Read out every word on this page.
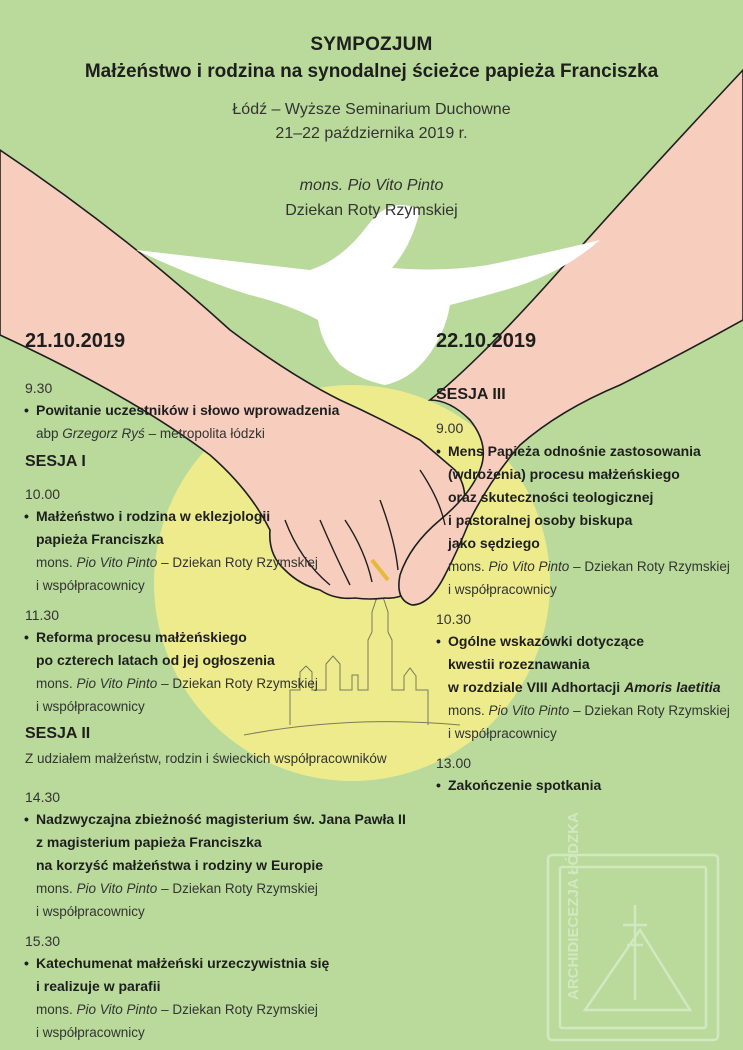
SYMPOZJUM
Małżeństwo i rodzina na synodalnej ścieżce papieża Franciszka
Łódź – Wyższe Seminarium Duchowne
21–22 października 2019 r.
mons. Pio Vito Pinto
Dziekan Roty Rzymskiej
21.10.2019
9.30
• Powitanie uczestników i słowo wprowadzenia
abp Grzegorz Ryś – metropolita łódzki
SESJA I
10.00
• Małżeństwo i rodzina w eklezjologii
papieża Franciszka
mons. Pio Vito Pinto – Dziekan Roty Rzymskiej
i współpracownicy
11.30
• Reforma procesu małżeńskiego
po czterech latach od jej ogłoszenia
mons. Pio Vito Pinto – Dziekan Roty Rzymskiej
i współpracownicy
SESJA II
Z udziałem małżeństw, rodzin i świeckich współpracowników
14.30
• Nadzwyczajna zbieżność magisterium św. Jana Pawła II
z magisterium papieża Franciszka
na korzyść małżeństwa i rodziny w Europie
mons. Pio Vito Pinto – Dziekan Roty Rzymskiej
i współpracownicy
15.30
• Katechumenat małżeński urzeczywistnia się
i realizuje w parafii
mons. Pio Vito Pinto – Dziekan Roty Rzymskiej
i współpracownicy
22.10.2019
SESJA III
9.00
• Mens Papieża odnośnie zastosowania
(wdrożenia) procesu małżeńskiego
oraz skuteczności teologicznej
i pastoralnej osoby biskupa
jako sędziego
mons. Pio Vito Pinto – Dziekan Roty Rzymskiej
i współpracownicy
10.30
• Ogólne wskazówki dotyczące
kwestii rozeznawania
w rozdziale VIII Adhortacji Amoris laetitia
mons. Pio Vito Pinto – Dziekan Roty Rzymskiej
i współpracownicy
13.00
• Zakończenie spotkania
ARCHIDIECEZJA ŁÓDZKA
